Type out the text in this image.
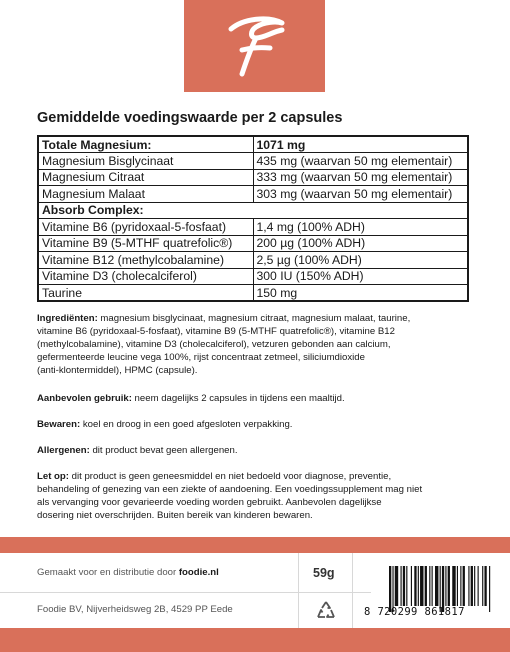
Gemiddelde voedingswaarde per 2 capsules
Totale Magnesium:	1071 mg
Magnesium Bisglycinaat	435 mg (waarvan 50 mg elementair)
Magnesium Citraat	333 mg (waarvan 50 mg elementair)
Magnesium Malaat	303 mg (waarvan 50 mg elementair)
Absorb Complex:	
Vitamine B6 (pyridoxaal-5-fosfaat)	1,4 mg (100% ADH)
Vitamine B9 (5-MTHF quatrefolic®)	200 µg (100% ADH)
Vitamine B12 (methylcobalamine)	2,5 µg (100% ADH)
Vitamine D3 (cholecalciferol)	300 IU (150% ADH)
Taurine	150 mg
Ingrediënten: magnesium bisglycinaat, magnesium citraat, magnesium malaat, taurine,
vitamine B6 (pyridoxaal-5-fosfaat), vitamine B9 (5-MTHF quatrefolic®), vitamine B12
(methylcobalamine), vitamine D3 (cholecalciferol), vetzuren gebonden aan calcium,
gefermenteerde leucine vega 100%, rijst concentraat zetmeel, siliciumdioxide
(anti-klontermiddel), HPMC (capsule).
Aanbevolen gebruik: neem dagelijks 2 capsules in tijdens een maaltijd.
Bewaren: koel en droog in een goed afgesloten verpakking.
Allergenen: dit product bevat geen allergenen.
Let op: dit product is geen geneesmiddel en niet bedoeld voor diagnose, preventie,
behandeling of genezing van een ziekte of aandoening. Een voedingssupplement mag niet
als vervanging voor gevarieerde voeding worden gebruikt. Aanbevolen dagelijkse
dosering niet overschrijden. Buiten bereik van kinderen bewaren.
Gemaakt voor en distributie door foodie.nl
Foodie BV, Nijverheidsweg 2B, 4529 PP Eede
59g
8 720299 861817
